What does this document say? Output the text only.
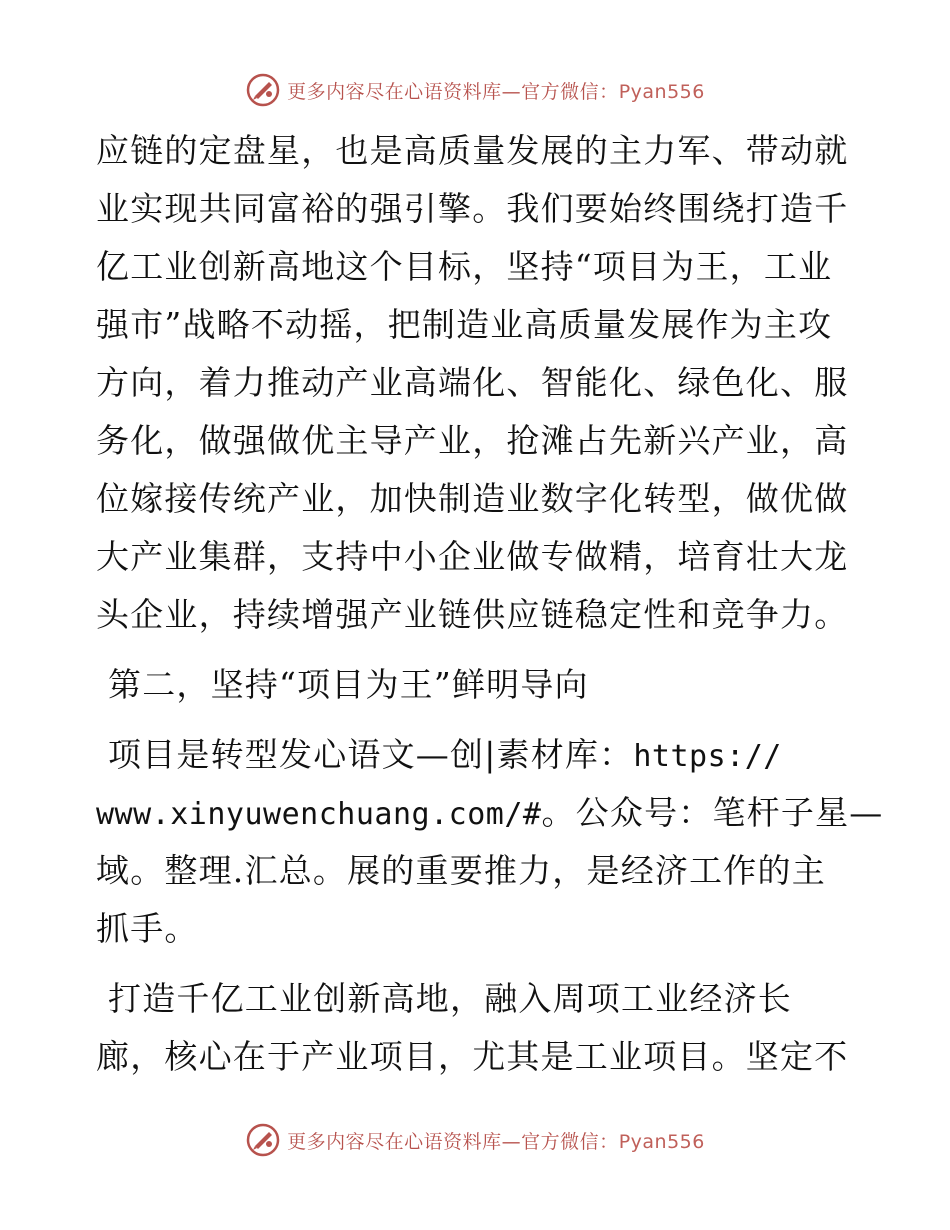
更多内容尽在心语资料库—官方微信：Pyan556
应链的定盘星，也是高质量发展的主力军、带动就
业实现共同富裕的强引擎。我们要始终围绕打造千
亿工业创新高地这个目标，坚持“项目为王，工业
强市”战略不动摇，把制造业高质量发展作为主攻
方向，着力推动产业高端化、智能化、绿色化、服
务化，做强做优主导产业，抢滩占先新兴产业，高
位嫁接传统产业，加快制造业数字化转型，做优做
大产业集群，支持中小企业做专做精，培育壮大龙
头企业，持续增强产业链供应链稳定性和竞争力。
第二，坚持“项目为王”鲜明导向
项目是转型发心语文—创|素材库：https://
www.xinyuwenchuang.com/#。公众号：笔杆子星—
域。整理.汇总。展的重要推力，是经济工作的主
抓手。
打造千亿工业创新高地，融入周项工业经济长
廊，核心在于产业项目，尤其是工业项目。坚定不
更多内容尽在心语资料库—官方微信：Pyan556
